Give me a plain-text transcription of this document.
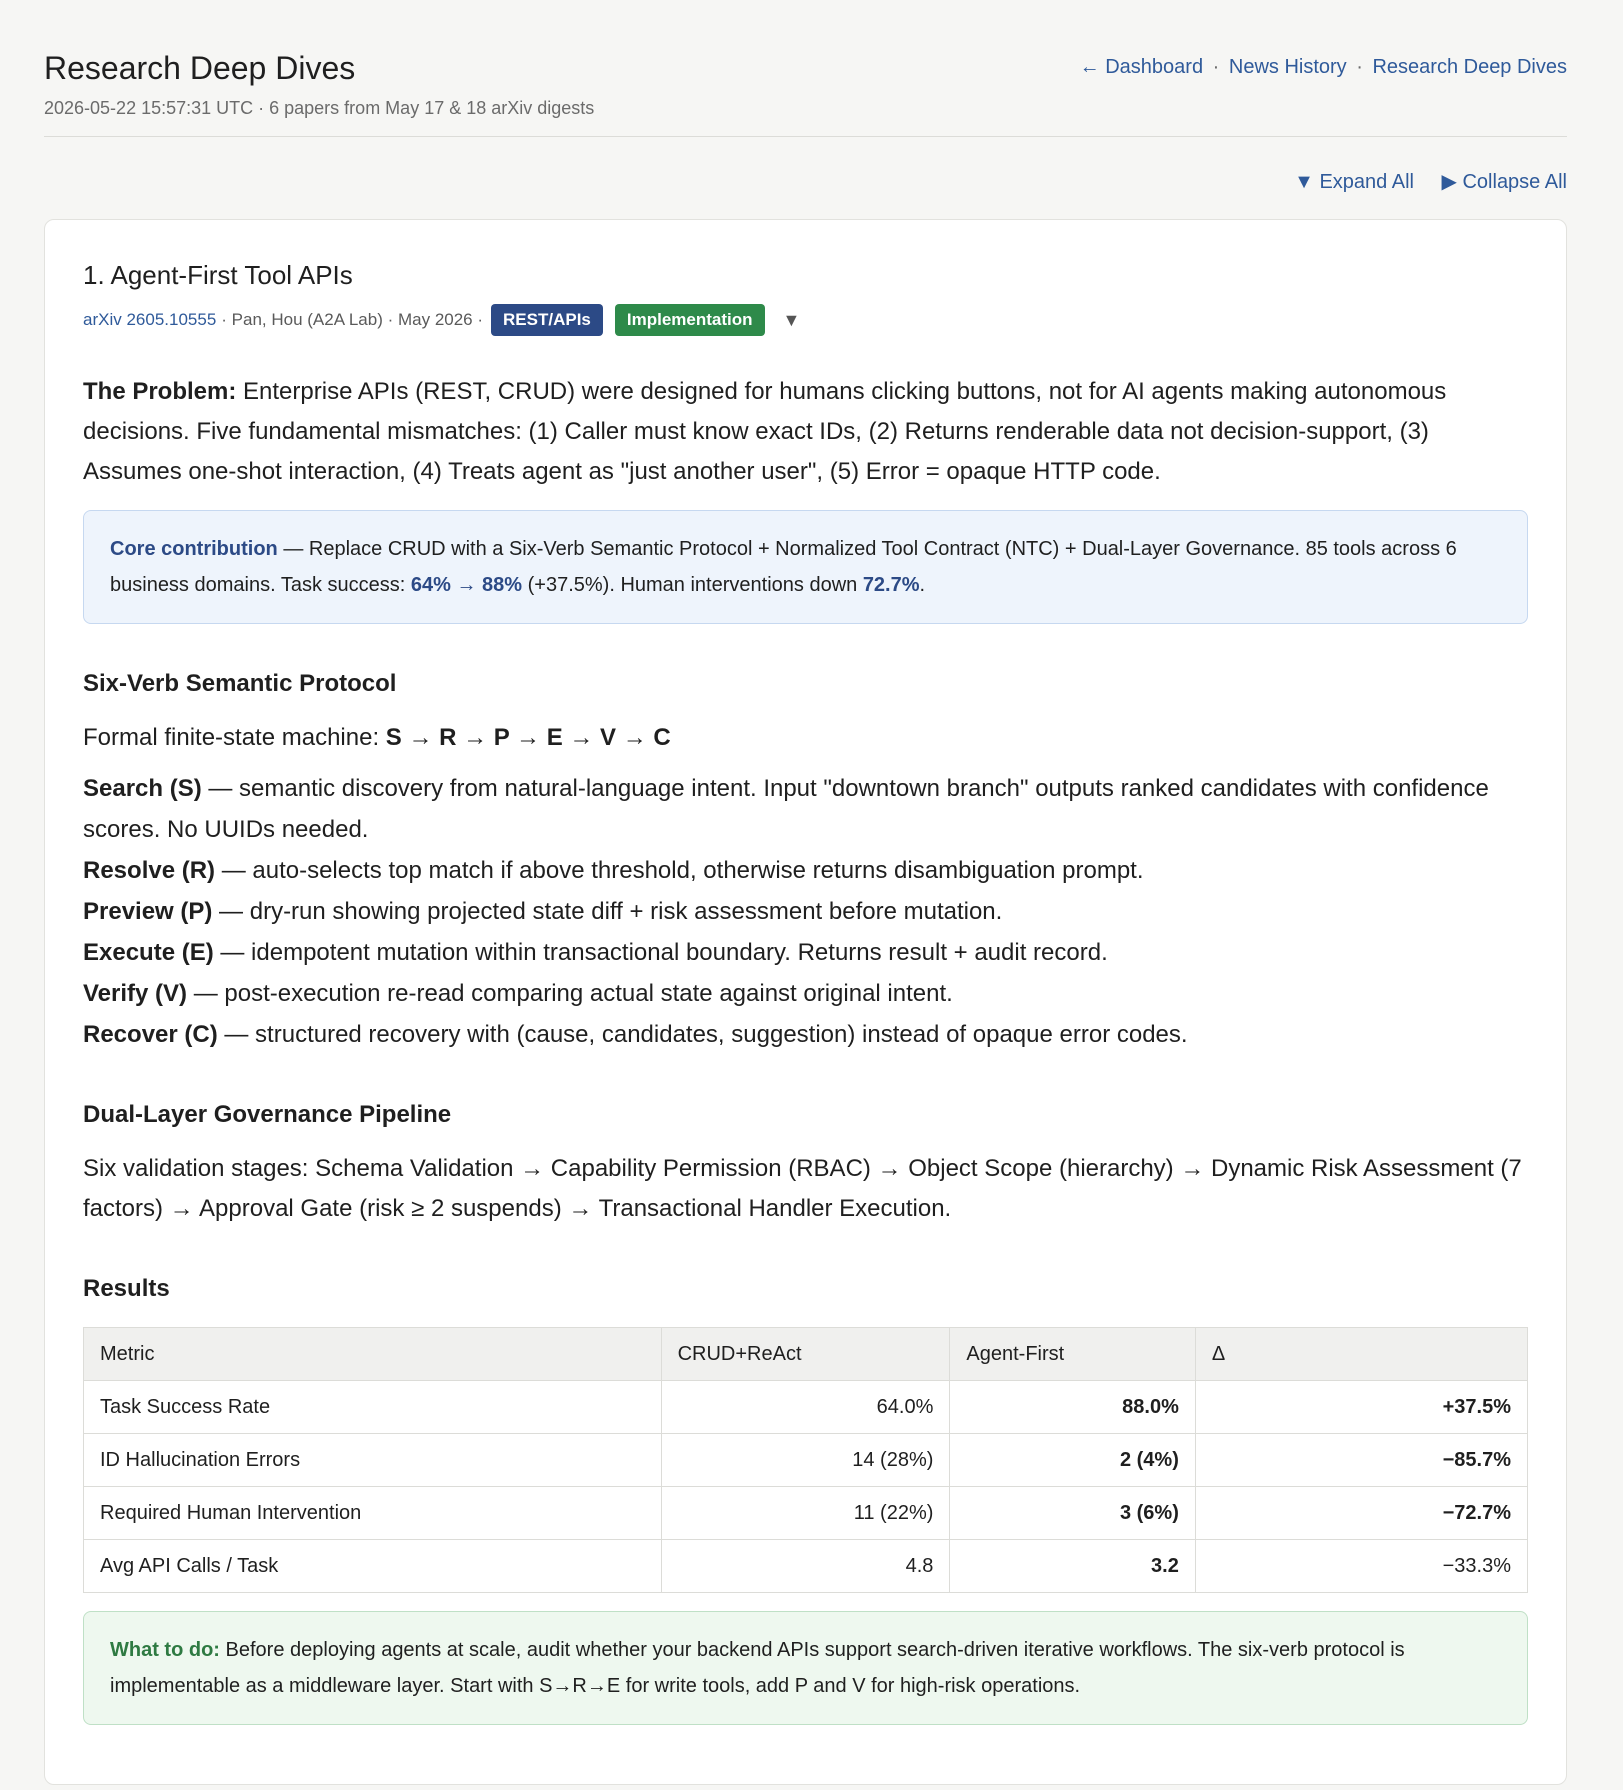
Research Deep Dives
2026-05-22 15:57:31 UTC · 6 papers from May 17 & 18 arXiv digests
← Dashboard · News History · Research Deep Dives
▼ Expand All ▶ Collapse All
1. Agent-First Tool APIs
arXiv 2605.10555 · Pan, Hou (A2A Lab) · May 2026 ·	REST/APIs	Implementation	▼
The Problem: Enterprise APIs (REST, CRUD) were designed for humans clicking buttons, not for AI agents making autonomous decisions. Five fundamental mismatches: (1) Caller must know exact IDs, (2) Returns renderable data not decision-support, (3) Assumes one-shot interaction, (4) Treats agent as "just another user", (5) Error = opaque HTTP code.
Core contribution — Replace CRUD with a Six-Verb Semantic Protocol + Normalized Tool Contract (NTC) + Dual-Layer Governance. 85 tools across 6 business domains. Task success: 64% → 88% (+37.5%). Human interventions down 72.7%.
Six-Verb Semantic Protocol
Formal finite-state machine: S → R → P → E → V → C
Search (S) — semantic discovery from natural-language intent. Input "downtown branch" outputs ranked candidates with confidence scores. No UUIDs needed.
Resolve (R) — auto-selects top match if above threshold, otherwise returns disambiguation prompt.
Preview (P) — dry-run showing projected state diff + risk assessment before mutation.
Execute (E) — idempotent mutation within transactional boundary. Returns result + audit record.
Verify (V) — post-execution re-read comparing actual state against original intent.
Recover (C) — structured recovery with (cause, candidates, suggestion) instead of opaque error codes.
Dual-Layer Governance Pipeline
Six validation stages: Schema Validation → Capability Permission (RBAC) → Object Scope (hierarchy) → Dynamic Risk Assessment (7 factors) → Approval Gate (risk ≥ 2 suspends) → Transactional Handler Execution.
Results
Metric	CRUD+ReAct	Agent-First	Δ
Task Success Rate	64.0%	88.0%	+37.5%
ID Hallucination Errors	14 (28%)	2 (4%)	−85.7%
Required Human Intervention	11 (22%)	3 (6%)	−72.7%
Avg API Calls / Task	4.8	3.2	−33.3%
What to do: Before deploying agents at scale, audit whether your backend APIs support search-driven iterative workflows. The six-verb protocol is implementable as a middleware layer. Start with S→R→E for write tools, add P and V for high-risk operations.
